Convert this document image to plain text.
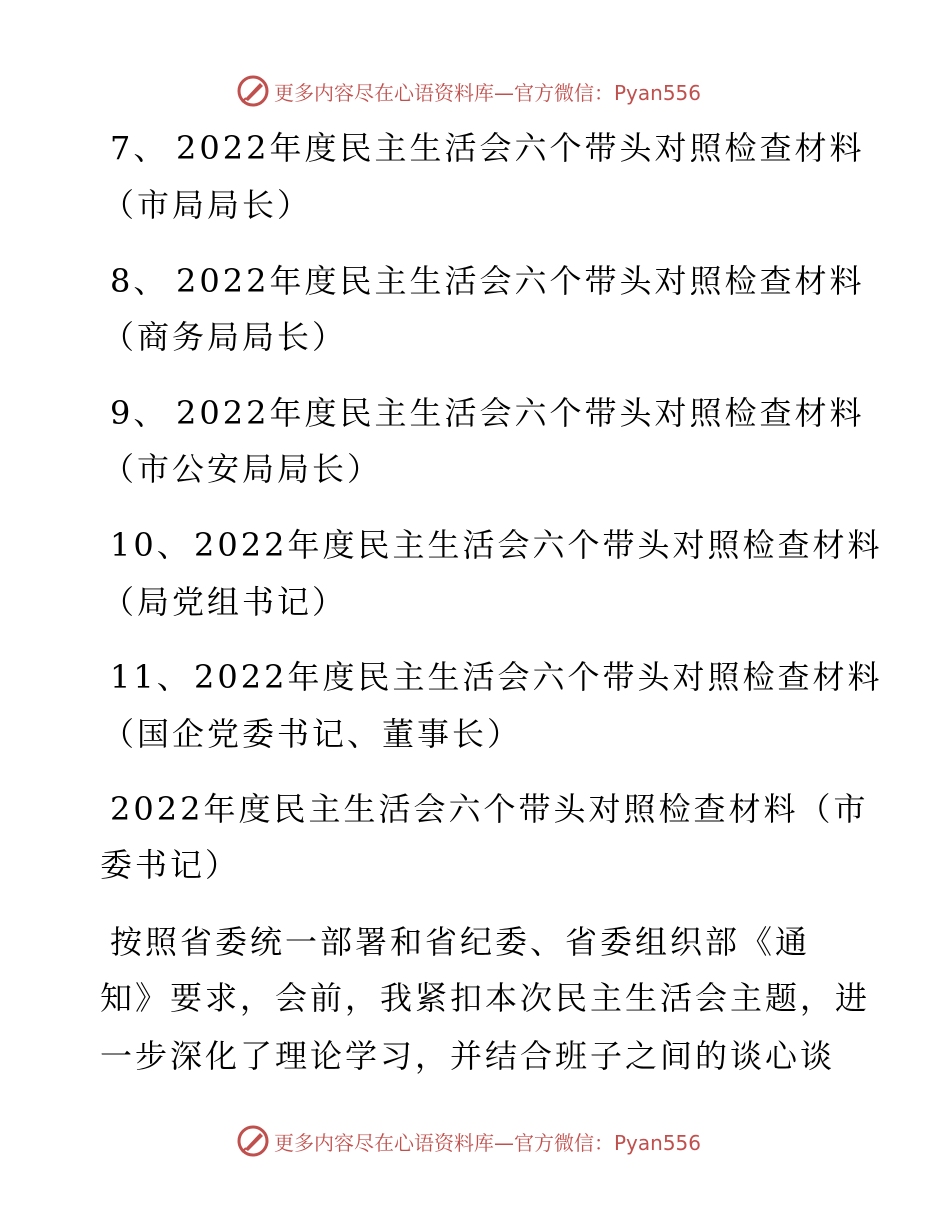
更多内容尽在心语资料库 —官方微信：Pyan556
7、 2022年度民主生活会六个带头对照检查材料
（市局局长）
8、 2022年度民主生活会六个带头对照检查材料
（商务局局长）
9、 2022年度民主生活会六个带头对照检查材料
（市公安局局长）
10、2022年度民主生活会六个带头对照检查材料
（局党组书记）
11、2022年度民主生活会六个带头对照检查材料
（国企党委书记、董事长）
2022年度民主生活会六个带头对照检查材料（市
委书记）
按照省委统一部署和省纪委、省委组织部《通
知》要求，会前，我紧扣本次民主生活会主题，进
一步深化了理论学习，并结合班子之间的谈心谈
更多内容尽在心语资料库 —官方微信：Pyan556
